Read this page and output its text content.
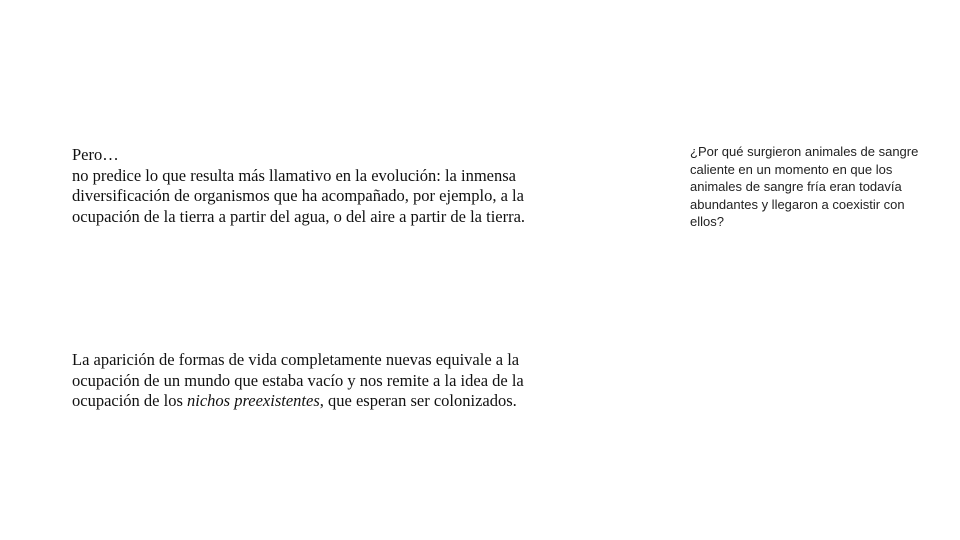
Pero…

no predice lo que resulta más llamativo en la evolución: la inmensa diversificación de organismos que ha acompañado, por ejemplo, a la ocupación de la tierra a partir del agua, o del aire a partir de la tierra.

La aparición de formas de vida completamente nuevas equivale a la ocupación de un mundo que estaba vacío y nos remite a la idea de la ocupación de los nichos preexistentes, que esperan ser colonizados.

¿Por qué surgieron animales de sangre caliente en un momento en que los animales de sangre fría eran todavía abundantes y llegaron a coexistir con ellos?
